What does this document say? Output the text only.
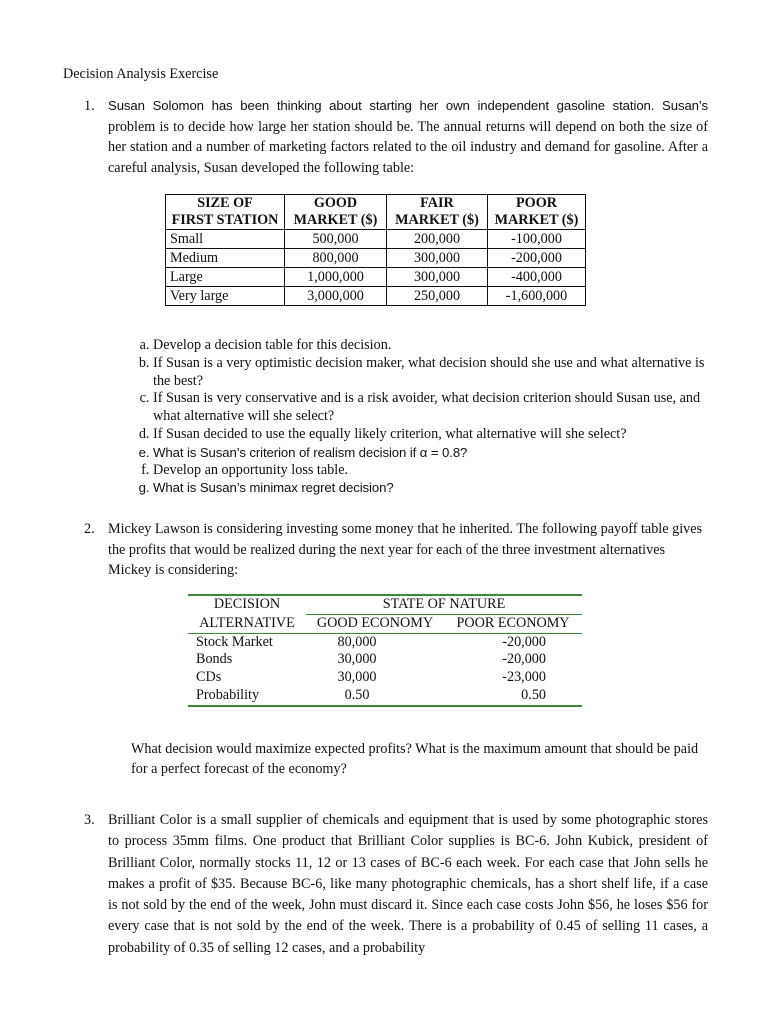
Decision Analysis Exercise
1. Susan Solomon has been thinking about starting her own independent gasoline station. Susan’s problem is to decide how large her station should be. The annual returns will depend on both the size of her station and a number of marketing factors related to the oil industry and demand for gasoline. After a careful analysis, Susan developed the following table:
SIZE OF	GOOD	FAIR	POOR
FIRST STATION	MARKET ($)	MARKET ($)	MARKET ($)
Small	500,000	200,000	-100,000
Medium	800,000	300,000	-200,000
Large	1,000,000	300,000	-400,000
Very large	3,000,000	250,000	-1,600,000
a. Develop a decision table for this decision.
b. If Susan is a very optimistic decision maker, what decision should she use and what alternative is the best?
c. If Susan is very conservative and is a risk avoider, what decision criterion should Susan use, and what alternative will she select?
d. If Susan decided to use the equally likely criterion, what alternative will she select?
e. What is Susan’s criterion of realism decision if α = 0.8?
f. Develop an opportunity loss table.
g. What is Susan’s minimax regret decision?
2. Mickey Lawson is considering investing some money that he inherited. The following payoff table gives the profits that would be realized during the next year for each of the three investment alternatives Mickey is considering:
DECISION	STATE OF NATURE	
ALTERNATIVE	GOOD ECONOMY	POOR ECONOMY
Stock Market	80,000	-20,000
Bonds	30,000	-20,000
CDs	30,000	-23,000
Probability	0.50	0.50
What decision would maximize expected profits? What is the maximum amount that should be paid for a perfect forecast of the economy?
3. Brilliant Color is a small supplier of chemicals and equipment that is used by some photographic stores to process 35mm films. One product that Brilliant Color supplies is BC-6. John Kubick, president of Brilliant Color, normally stocks 11, 12 or 13 cases of BC-6 each week. For each case that John sells he makes a profit of $35. Because BC-6, like many photographic chemicals, has a short shelf life, if a case is not sold by the end of the week, John must discard it. Since each case costs John $56, he loses $56 for every case that is not sold by the end of the week. There is a probability of 0.45 of selling 11 cases, a probability of 0.35 of selling 12 cases, and a probability
